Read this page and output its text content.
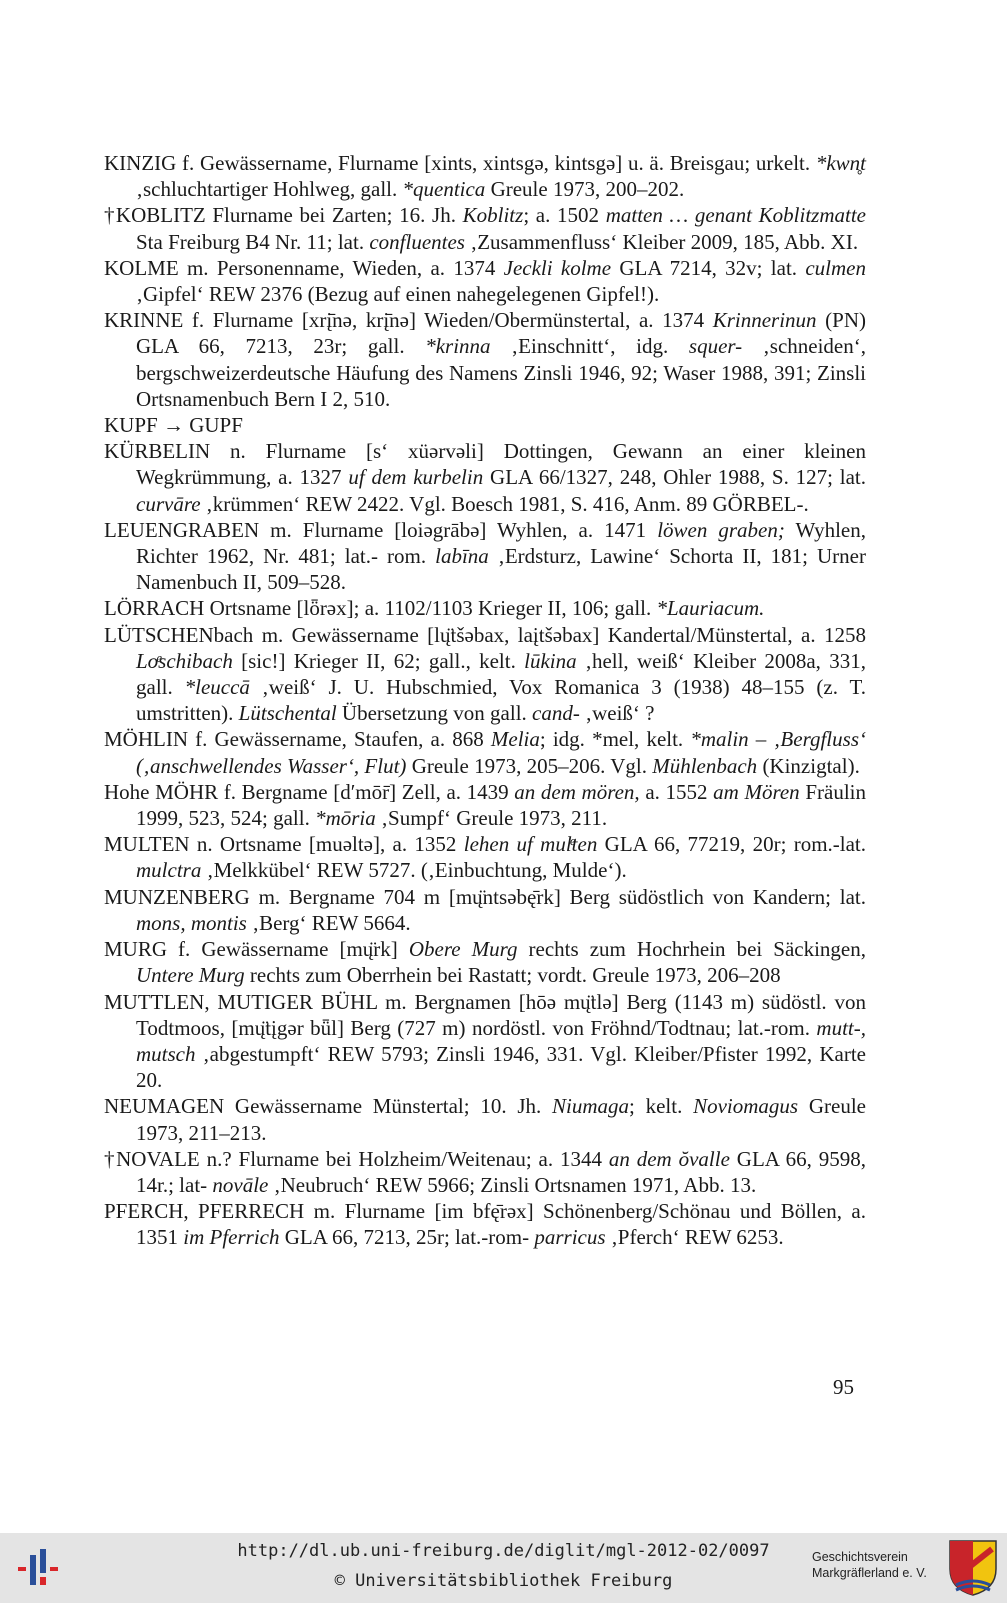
KINZIG f. Gewässername, Flurname [xints, xintsgə, kintsgə] u. ä. Breisgau; urkelt. *kwn̥t ‚schluchtartiger Hohlweg, gall. *quentica Greule 1973, 200–202.

†KOBLITZ Flurname bei Zarten; 16. Jh. Koblitz; a. 1502 matten … genant Koblitzmatte Sta Freiburg B4 Nr. 11; lat. confluentes ‚Zusammenfluss‘ Kleiber 2009, 185, Abb. XI.

KOLME m. Personenname, Wieden, a. 1374 Jeckli kolme GLA 7214, 32v; lat. culmen ‚Gipfel‘ REW 2376 (Bezug auf einen nahegelegenen Gipfel!).

KRINNE f. Flurname [xrį̄nə, krį̄nə] Wieden/Obermünstertal, a. 1374 Krinnerinun (PN) GLA 66, 7213, 23r; gall. *krinna ‚Einschnitt‘, idg. squer- ‚schneiden‘, bergschweizerdeutsche Häufung des Namens Zinsli 1946, 92; Waser 1988, 391; Zinsli Ortsnamenbuch Bern I 2, 510.

KUPF → GUPF

KÜRBELIN n. Flurname [s‘ xüərvəli] Dottingen, Gewann an einer kleinen Wegkrümmung, a. 1327 uf dem kurbelin GLA 66/1327, 248, Ohler 1988, S. 127; lat. curvāre ‚krümmen‘ REW 2422. Vgl. Boesch 1981, S. 416, Anm. 89 GÖRBEL-.

LEUENGRABEN m. Flurname [loiəgrābə] Wyhlen, a. 1471 löwen graben; Wyhlen, Richter 1962, Nr. 481; lat.- rom. labīna ‚Erdsturz, Lawine‘ Schorta II, 181; Urner Namenbuch II, 509–528.

LÖRRACH Ortsname [lȫrəx]; a. 1102/1103 Krieger II, 106; gall. *Lauriacum.

LÜTSCHENbach m. Gewässername [lų̈tšəbax, laįtšəbax] Kandertal/Münstertal, a. 1258 Loͤschibach [sic!] Krieger II, 62; gall., kelt. lūkina ‚hell, weiß‘ Kleiber 2008a, 331, gall. *leuccā ‚weiß‘ J. U. Hubschmied, Vox Romanica 3 (1938) 48–155 (z. T. umstritten). Lütschental Übersetzung von gall. cand- ‚weiß‘ ?

MÖHLIN f. Gewässername, Staufen, a. 868 Melia; idg. *mel, kelt. *malin – ‚Bergfluss‘ (‚anschwellendes Wasser‘, Flut) Greule 1973, 205–206. Vgl. Mühlenbach (Kinzigtal).

Hohe MÖHR f. Bergname [d′mōr̄] Zell, a. 1439 an dem mören, a. 1552 am Mören Fräulin 1999, 523, 524; gall. *mōria ‚Sumpf‘ Greule 1973, 211.

MULTEN n. Ortsname [muəltə], a. 1352 lehen uf mulͤten GLA 66, 77219, 20r; rom.-lat. mulctra ‚Melkkübel‘ REW 5727. (‚Einbuchtung, Mulde‘).

MUNZENBERG m. Bergname 704 m [mų̈ntsəbę̄rk] Berg südöstlich von Kandern; lat. mons, montis ‚Berg‘ REW 5664.

MURG f. Gewässername [mų̈rk] Obere Murg rechts zum Hochrhein bei Säckingen, Untere Murg rechts zum Oberrhein bei Rastatt; vordt. Greule 1973, 206–208

MUTTLEN, MUTIGER BÜHL m. Bergnamen [hōə mų̈tlə] Berg (1143 m) südöstl. von Todtmoos, [mų̈tįgər bǖl] Berg (727 m) nordöstl. von Fröhnd/Todtnau; lat.-rom. mutt-, mutsch ‚abgestumpft‘ REW 5793; Zinsli 1946, 331. Vgl. Kleiber/Pfister 1992, Karte 20.

NEUMAGEN Gewässername Münstertal; 10. Jh. Niumaga; kelt. Noviomagus Greule 1973, 211–213.

†NOVALE n.? Flurname bei Holzheim/Weitenau; a. 1344 an dem ŏvalle GLA 66, 9598, 14r.; lat- novāle ‚Neubruch‘ REW 5966; Zinsli Ortsnamen 1971, Abb. 13.

PFERCH, PFERRECH m. Flurname [im bfę̄rəx] Schönenberg/Schönau und Böllen, a. 1351 im Pferrich GLA 66, 7213, 25r; lat.-rom- parricus ‚Pferch‘ REW 6253.

95
http://dl.ub.uni-freiburg.de/diglit/mgl-2012-02/0097
© Universitätsbibliothek Freiburg
Geschichtsverein
Markgräflerland e. V.
